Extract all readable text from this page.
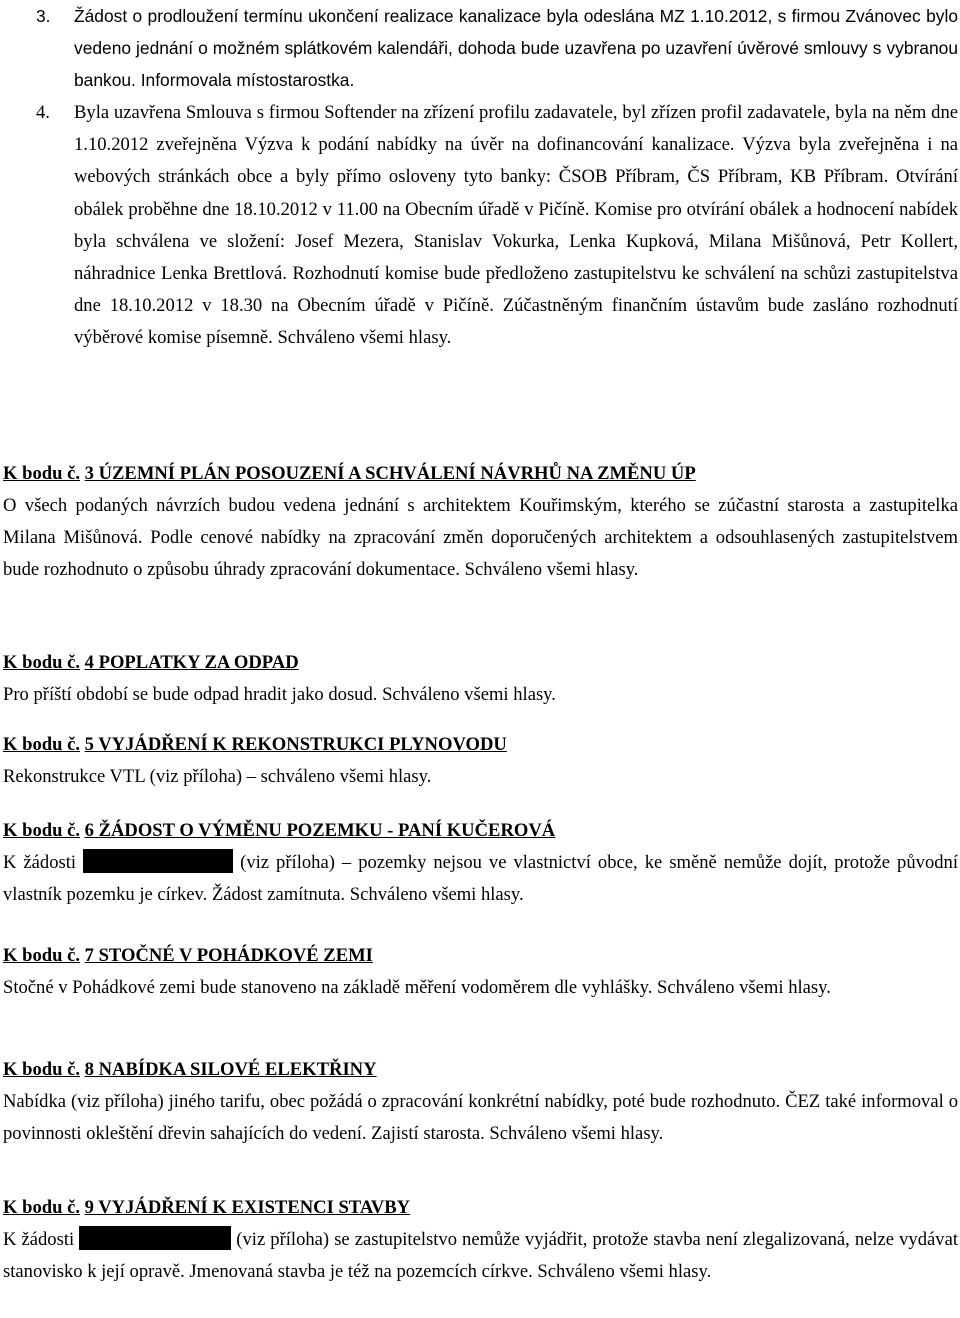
3. Žádost o prodloužení termínu ukončení realizace kanalizace byla odeslána MZ 1.10.2012, s firmou Zvánovec bylo vedeno jednání o možném splátkovém kalendáři, dohoda bude uzavřena po uzavření úvěrové smlouvy s vybranou bankou. Informovala místostarostka.
4. Byla uzavřena Smlouva s firmou Softender na zřízení profilu zadavatele, byl zřízen profil zadavatele, byla na něm dne 1.10.2012 zveřejněna Výzva k podání nabídky na úvěr na dofinancování kanalizace. Výzva byla zveřejněna i na webových stránkách obce a byly přímo osloveny tyto banky: ČSOB Příbram, ČS Příbram, KB Příbram. Otvírání obálek proběhne dne 18.10.2012 v 11.00 na Obecním úřadě v Pičíně. Komise pro otvírání obálek a hodnocení nabídek byla schválena ve složení: Josef Mezera, Stanislav Vokurka, Lenka Kupková, Milana Mišůnová, Petr Kollert, náhradnice Lenka Brettlová. Rozhodnutí komise bude předloženo zastupitelstvu ke schválení na schůzi zastupitelstva dne 18.10.2012 v 18.30 na Obecním úřadě v Pičíně. Zúčastněným finančním ústavům bude zasláno rozhodnutí výběrové komise písemně. Schváleno všemi hlasy.
K bodu č. 3 ÚZEMNÍ PLÁN POSOUZENÍ A SCHVÁLENÍ NÁVRHŮ NA ZMĚNU ÚP
O všech podaných návrzích budou vedena jednání s architektem Kouřimským, kterého se zúčastní starosta a zastupitelka Milana Mišůnová. Podle cenové nabídky na zpracování změn doporučených architektem a odsouhlasených zastupitelstvem bude rozhodnuto o způsobu úhrady zpracování dokumentace. Schváleno všemi hlasy.
K bodu č. 4 POPLATKY ZA ODPAD
Pro příští období se bude odpad hradit jako dosud. Schváleno všemi hlasy.
K bodu č. 5 VYJÁDŘENÍ K REKONSTRUKCI PLYNOVODU
Rekonstrukce VTL (viz příloha) – schváleno všemi hlasy.
K bodu č. 6 ŽÁDOST O VÝMĚNU POZEMKU - PANÍ KUČEROVÁ
K žádosti	(viz příloha) – pozemky nejsou ve vlastnictví obce, ke směně nemůže dojít, protože původní vlastník pozemku je církev. Žádost zamítnuta. Schváleno všemi hlasy.
K bodu č. 7 STOČNÉ V POHÁDKOVÉ ZEMI
Stočné v Pohádkové zemi bude stanoveno na základě měření vodoměrem dle vyhlášky. Schváleno všemi hlasy.
K bodu č. 8 NABÍDKA SILOVÉ ELEKTŘINY
Nabídka (viz příloha) jiného tarifu, obec požádá o zpracování konkrétní nabídky, poté bude rozhodnuto. ČEZ také informoval o povinnosti okleštění dřevin sahajících do vedení. Zajistí starosta. Schváleno všemi hlasy.
K bodu č. 9 VYJÁDŘENÍ K EXISTENCI STAVBY
K žádosti	(viz příloha) se zastupitelstvo nemůže vyjádřit, protože stavba není zlegalizovaná, nelze vydávat stanovisko k její opravě. Jmenovaná stavba je též na pozemcích církve. Schváleno všemi hlasy.
